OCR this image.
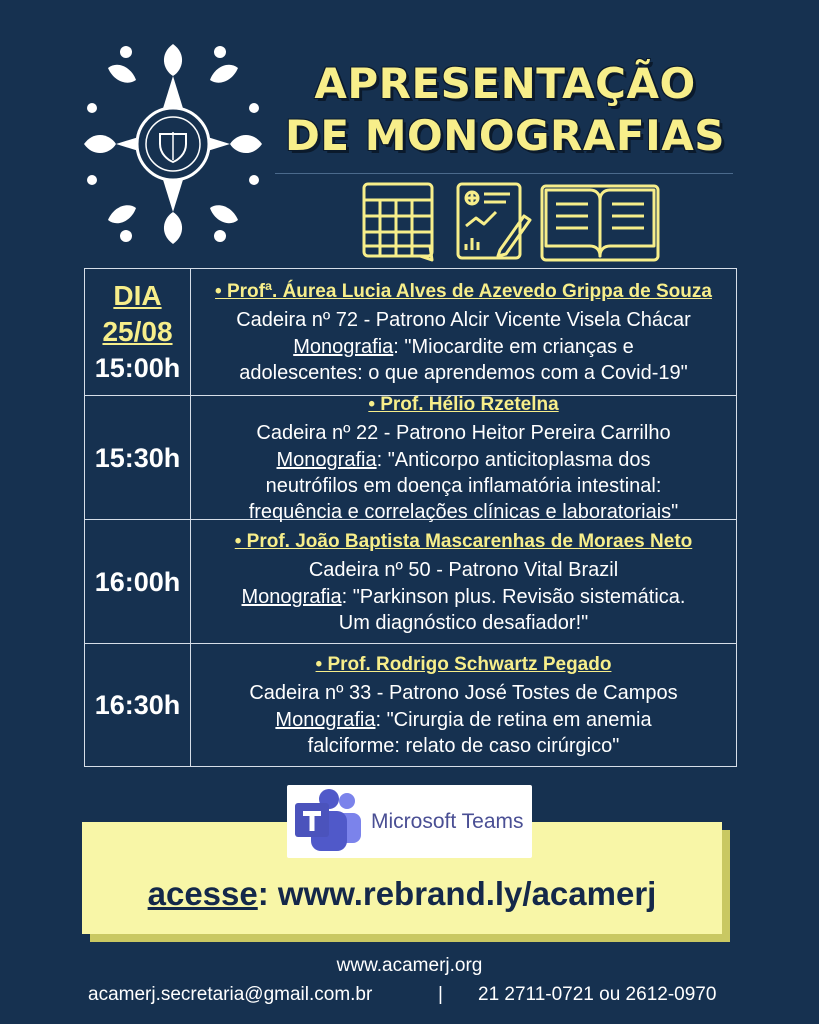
APRESENTAÇÃO
DE MONOGRAFIAS
DIA
25/08
15:00h
• Profª. Áurea Lucia Alves de Azevedo Grippa de Souza
Cadeira nº 72 - Patrono Alcir Vicente Visela Chácar
Monografia: "Miocardite em crianças e
adolescentes: o que aprendemos com a Covid-19"
15:30h
• Prof. Hélio Rzetelna
Cadeira nº 22 - Patrono Heitor Pereira Carrilho
Monografia: "Anticorpo anticitoplasma dos
neutrófilos em doença inflamatória intestinal:
frequência e correlações clínicas e laboratoriais"
16:00h
• Prof. João Baptista Mascarenhas de Moraes Neto
Cadeira nº 50 - Patrono Vital Brazil
Monografia: "Parkinson plus. Revisão sistemática.
Um diagnóstico desafiador!"
16:30h
• Prof. Rodrigo Schwartz Pegado
Cadeira nº 33 - Patrono José Tostes de Campos
Monografia: "Cirurgia de retina em anemia
falciforme: relato de caso cirúrgico"
acesse: www.rebrand.ly/acamerj
Microsoft Teams
www.acamerj.org
acamerj.secretaria@gmail.com.br	| 21 2711-0721 ou 2612-0970
